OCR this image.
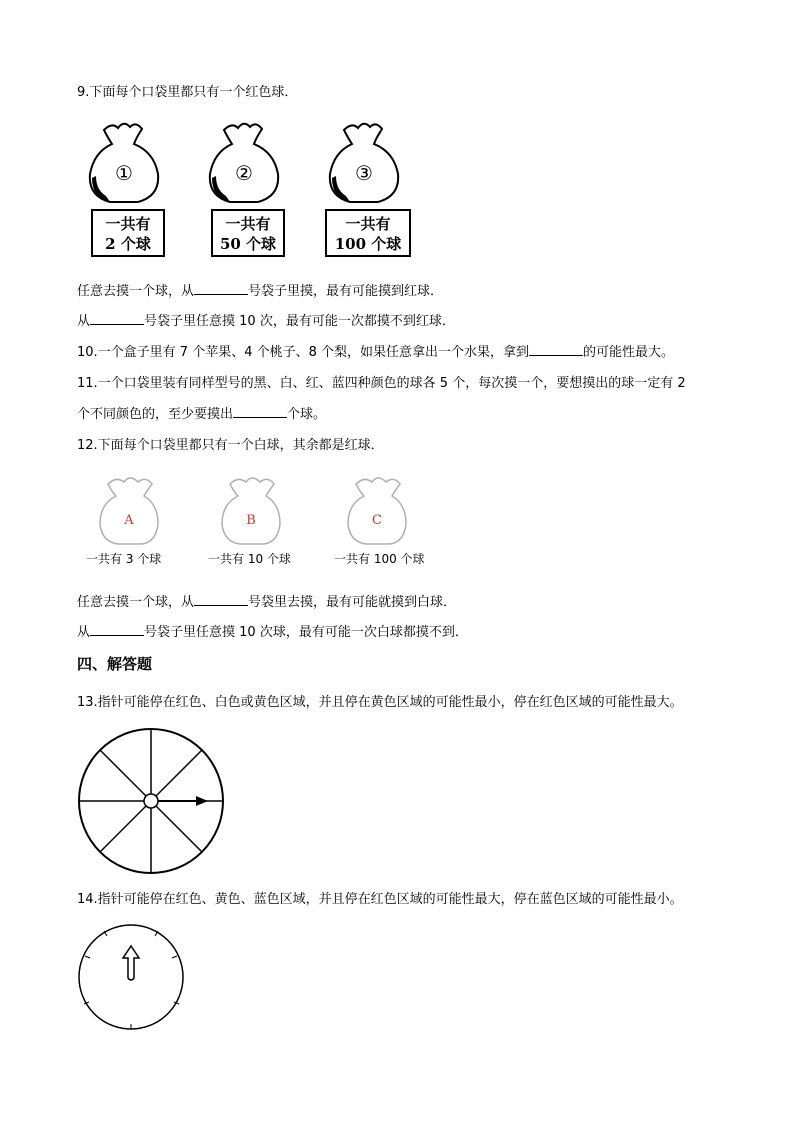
9.下面每个口袋里都只有一个红色球．
①
一共有
2 个球
②
一共有
50 个球
③
一共有
100 个球
任意去摸一个球，从	号袋子里摸，最有可能摸到红球．
从	号袋子里任意摸 10 次，最有可能一次都摸不到红球．
10.一个盒子里有 7 个苹果、4 个桃子、8 个梨，如果任意拿出一个水果，拿到	的可能性最大。
11.一个口袋里装有同样型号的黑、白、红、蓝四种颜色的球各 5 个，每次摸一个，要想摸出的球一定有 2
个不同颜色的，至少要摸出	个球。
12.下面每个口袋里都只有一个白球，其余都是红球．
A	B	C
一共有 3 个球	一共有 10 个球	一共有 100 个球
任意去摸一个球，从	号袋里去摸，最有可能就摸到白球．
从	号袋子里任意摸 10 次球，最有可能一次白球都摸不到．
四、解答题
13.指针可能停在红色、白色或黄色区域，并且停在黄色区域的可能性最小，停在红色区域的可能性最大。
14.指针可能停在红色、黄色、蓝色区域，并且停在红色区域的可能性最大，停在蓝色区域的可能性最小。
